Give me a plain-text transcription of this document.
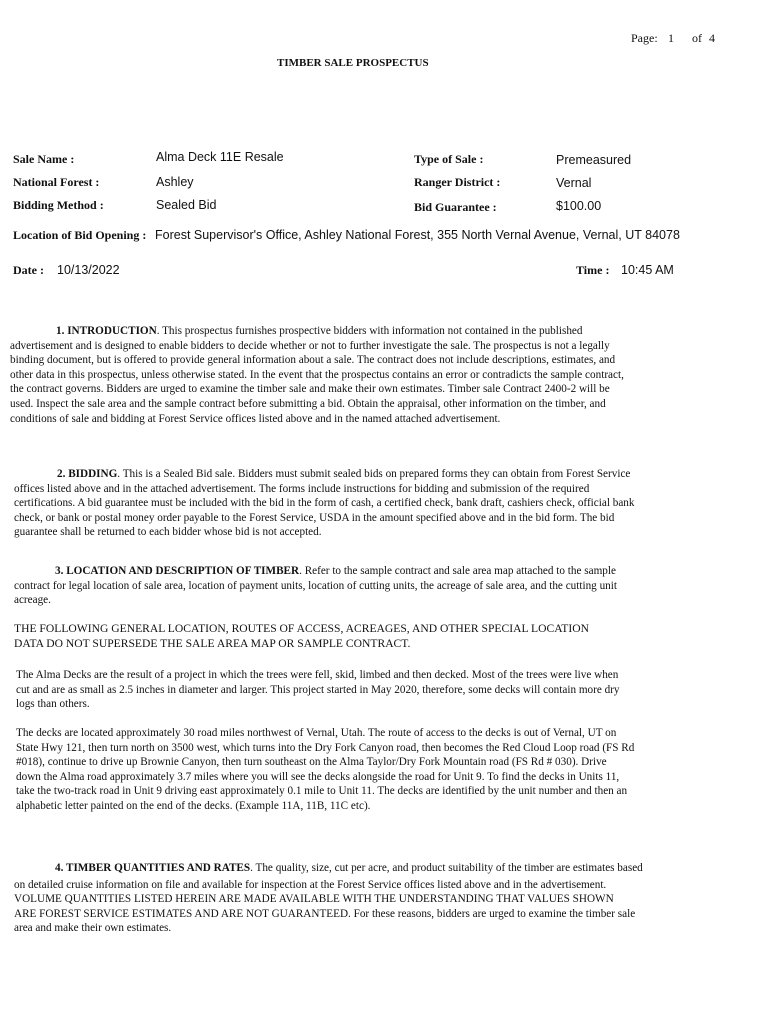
Page: 1 of 4
TIMBER SALE PROSPECTUS
Sale Name :	Alma Deck 11E Resale	Type of Sale :	Premeasured
National Forest :	Ashley	Ranger District :	Vernal
Bidding Method :	Sealed Bid	Bid Guarantee :	$100.00
Location of Bid Opening : Forest Supervisor's Office, Ashley National Forest, 355 North Vernal Avenue, Vernal, UT 84078
Date : 10/13/2022	Time : 10:45 AM
1. INTRODUCTION. This prospectus furnishes prospective bidders with information not contained in the published
advertisement and is designed to enable bidders to decide whether or not to further investigate the sale. The prospectus is not a legally
binding document, but is offered to provide general information about a sale. The contract does not include descriptions, estimates, and
other data in this prospectus, unless otherwise stated. In the event that the prospectus contains an error or contradicts the sample contract,
the contract governs. Bidders are urged to examine the timber sale and make their own estimates. Timber sale Contract 2400-2 will be
used. Inspect the sale area and the sample contract before submitting a bid. Obtain the appraisal, other information on the timber, and
conditions of sale and bidding at Forest Service offices listed above and in the named attached advertisement.
2. BIDDING. This is a Sealed Bid sale. Bidders must submit sealed bids on prepared forms they can obtain from Forest Service
offices listed above and in the attached advertisement. The forms include instructions for bidding and submission of the required
certifications. A bid guarantee must be included with the bid in the form of cash, a certified check, bank draft, cashiers check, official bank
check, or bank or postal money order payable to the Forest Service, USDA in the amount specified above and in the bid form. The bid
guarantee shall be returned to each bidder whose bid is not accepted.
3. LOCATION AND DESCRIPTION OF TIMBER. Refer to the sample contract and sale area map attached to the sample
contract for legal location of sale area, location of payment units, location of cutting units, the acreage of sale area, and the cutting unit
acreage.
THE FOLLOWING GENERAL LOCATION, ROUTES OF ACCESS, ACREAGES, AND OTHER SPECIAL LOCATION
DATA DO NOT SUPERSEDE THE SALE AREA MAP OR SAMPLE CONTRACT.
The Alma Decks are the result of a project in which the trees were fell, skid, limbed and then decked. Most of the trees were live when
cut and are as small as 2.5 inches in diameter and larger. This project started in May 2020, therefore, some decks will contain more dry
logs than others.
The decks are located approximately 30 road miles northwest of Vernal, Utah. The route of access to the decks is out of Vernal, UT on
State Hwy 121, then turn north on 3500 west, which turns into the Dry Fork Canyon road, then becomes the Red Cloud Loop road (FS Rd
#018), continue to drive up Brownie Canyon, then turn southeast on the Alma Taylor/Dry Fork Mountain road (FS Rd # 030). Drive
down the Alma road approximately 3.7 miles where you will see the decks alongside the road for Unit 9. To find the decks in Units 11,
take the two-track road in Unit 9 driving east approximately 0.1 mile to Unit 11. The decks are identified by the unit number and then an
alphabetic letter painted on the end of the decks. (Example 11A, 11B, 11C etc).
4. TIMBER QUANTITIES AND RATES. The quality, size, cut per acre, and product suitability of the timber are estimates based
on detailed cruise information on file and available for inspection at the Forest Service offices listed above and in the advertisement.
VOLUME QUANTITIES LISTED HEREIN ARE MADE AVAILABLE WITH THE UNDERSTANDING THAT VALUES SHOWN
ARE FOREST SERVICE ESTIMATES AND ARE NOT GUARANTEED. For these reasons, bidders are urged to examine the timber sale
area and make their own estimates.
